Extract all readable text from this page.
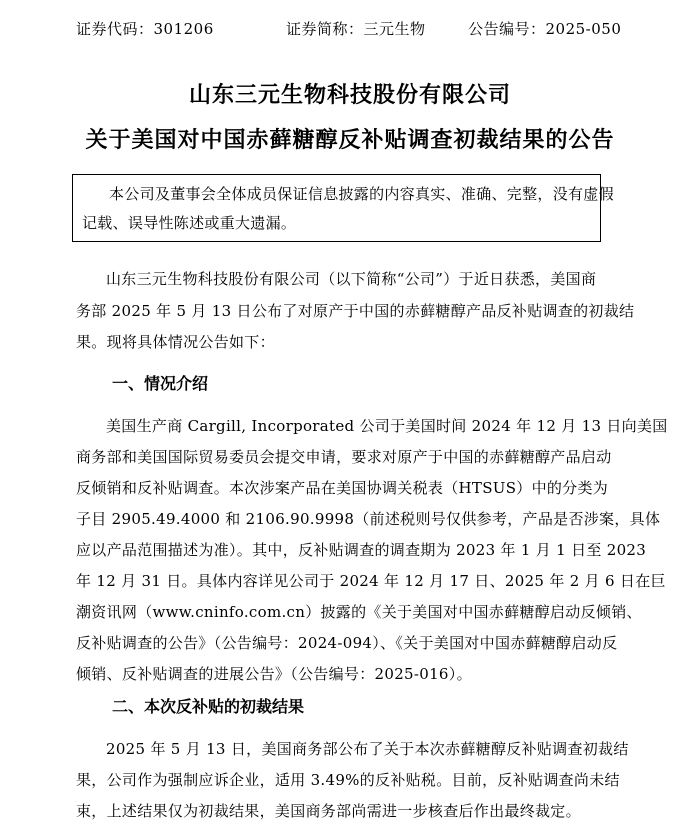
证券代码：301206	证券简称：三元生物	公告编号：2025-050
山东三元生物科技股份有限公司
关于美国对中国赤藓糖醇反补贴调查初裁结果的公告
本公司及董事会全体成员保证信息披露的内容真实、准确、完整，没有虚假
记载、误导性陈述或重大遗漏。
山东三元生物科技股份有限公司（以下简称“公司”）于近日获悉，美国商
务部 2025 年 5 月 13 日公布了对原产于中国的赤藓糖醇产品反补贴调查的初裁结
果。现将具体情况公告如下：
一、情况介绍
美国生产商 Cargill, Incorporated 公司于美国时间 2024 年 12 月 13 日向美国
商务部和美国国际贸易委员会提交申请，要求对原产于中国的赤藓糖醇产品启动
反倾销和反补贴调查。本次涉案产品在美国协调关税表（HTSUS）中的分类为
子目 2905.49.4000 和 2106.90.9998（前述税则号仅供参考，产品是否涉案，具体
应以产品范围描述为准）。其中，反补贴调查的调查期为 2023 年 1 月 1 日至 2023
年 12 月 31 日。具体内容详见公司于 2024 年 12 月 17 日、2025 年 2 月 6 日在巨
潮资讯网（www.cninfo.com.cn）披露的《关于美国对中国赤藓糖醇启动反倾销、
反补贴调查的公告》（公告编号：2024-094）、《关于美国对中国赤藓糖醇启动反
倾销、反补贴调查的进展公告》（公告编号：2025-016）。
二、本次反补贴的初裁结果
2025 年 5 月 13 日，美国商务部公布了关于本次赤藓糖醇反补贴调查初裁结
果，公司作为强制应诉企业，适用 3.49%的反补贴税。目前，反补贴调查尚未结
束，上述结果仅为初裁结果，美国商务部尚需进一步核查后作出最终裁定。
